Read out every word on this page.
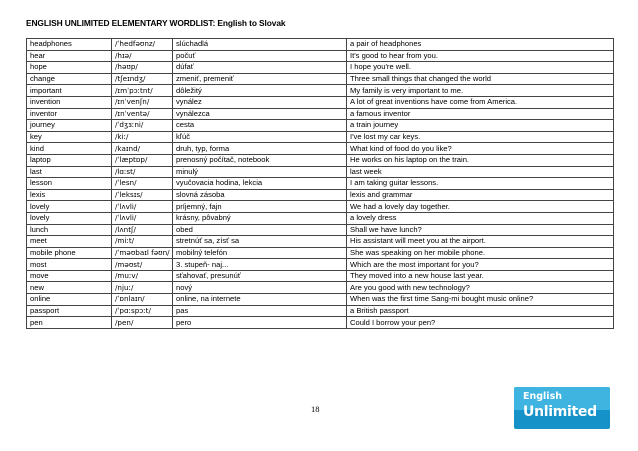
ENGLISH UNLIMITED ELEMENTARY WORDLIST: English to Slovak
headphones	/ˈhedfəʊnz/	slúchadlá	a pair of headphones
hear	/hɪə/	počuť	It's good to hear from you.
hope	/həʊp/	dúfať	I hope you're well.
change	/tʃeɪndʒ/	zmeniť, premeniť	Three small things that changed the world
important	/ɪmˈpɔːtnt/	dôležitý	My family is very important to me.
invention	/ɪnˈvenʃn/	vynález	A lot of great inventions have come from America.
inventor	/ɪnˈventə/	vynálezca	a famous inventor
journey	/ˈdʒɜːni/	cesta	a train journey
key	/kiː/	kľúč	I've lost my car keys.
kind	/kaɪnd/	druh, typ, forma	What kind of food do you like?
laptop	/ˈlæptɒp/	prenosný počítač, notebook	He works on his laptop on the train.
last	/lɑːst/	minulý	last week
lesson	/ˈlesn/	vyučovacia hodina, lekcia	I am taking guitar lessons.
lexis	/ˈleksɪs/	slovná zásoba	lexis and grammar
lovely	/ˈlʌvli/	príjemný, fajn	We had a lovely day together.
lovely	/ˈlʌvli/	krásny, pôvabný	a lovely dress
lunch	/lʌntʃ/	obed	Shall we have lunch?
meet	/miːt/	stretnúť sa, zísť sa	His assistant will meet you at the airport.
mobile phone	/ˈməʊbaɪl fəʊn/	mobilný telefón	She was speaking on her mobile phone.
most	/məʊst/	3. stupeň- naj...	Which are the most important for you?
move	/muːv/	sťahovať, presunúť	They moved into a new house last year.
new	/njuː/	nový	Are you good with new technology?
online	/ˈɒnlaɪn/	online, na internete	When was the first time Sang-mi bought music online?
passport	/ˈpɑːspɔːt/	pas	a British passport
pen	/pen/	pero	Could I borrow your pen?
18
English
Unlimited
